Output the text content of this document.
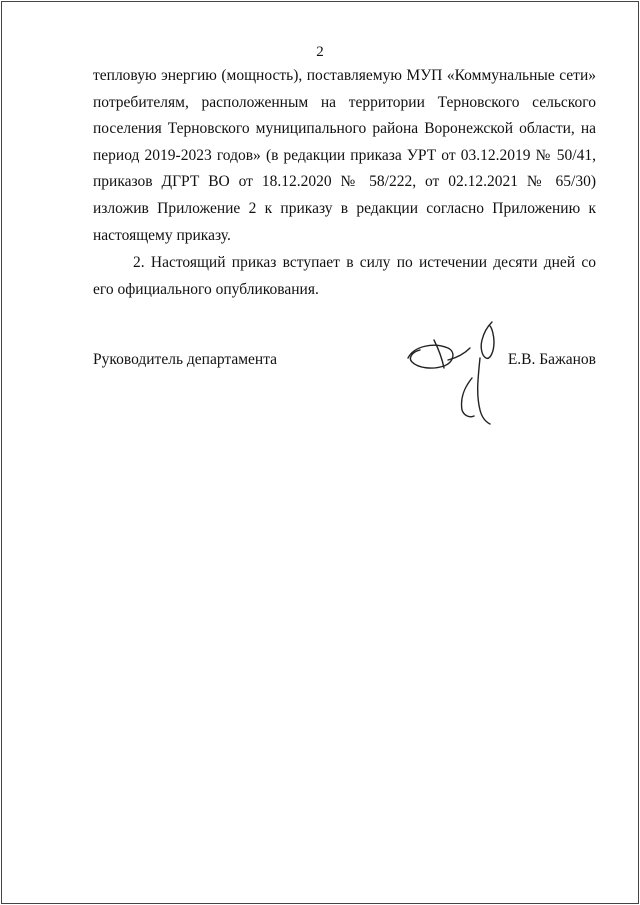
2
тепловую энергию (мощность), поставляемую МУП «Коммунальные сети»
потребителям, расположенным на территории Терновского сельского
поселения Терновского муниципального района Воронежской области, на
период 2019-2023 годов» (в редакции приказа УРТ от 03.12.2019 № 50/41,
приказов ДГРТ ВО от 18.12.2020 № 58/222, от 02.12.2021 № 65/30)
изложив Приложение 2 к приказу в редакции согласно Приложению к
настоящему приказу.
2. Настоящий приказ вступает в силу по истечении десяти дней со
его официального опубликования.
Руководитель департамента	Е.В. Бажанов
